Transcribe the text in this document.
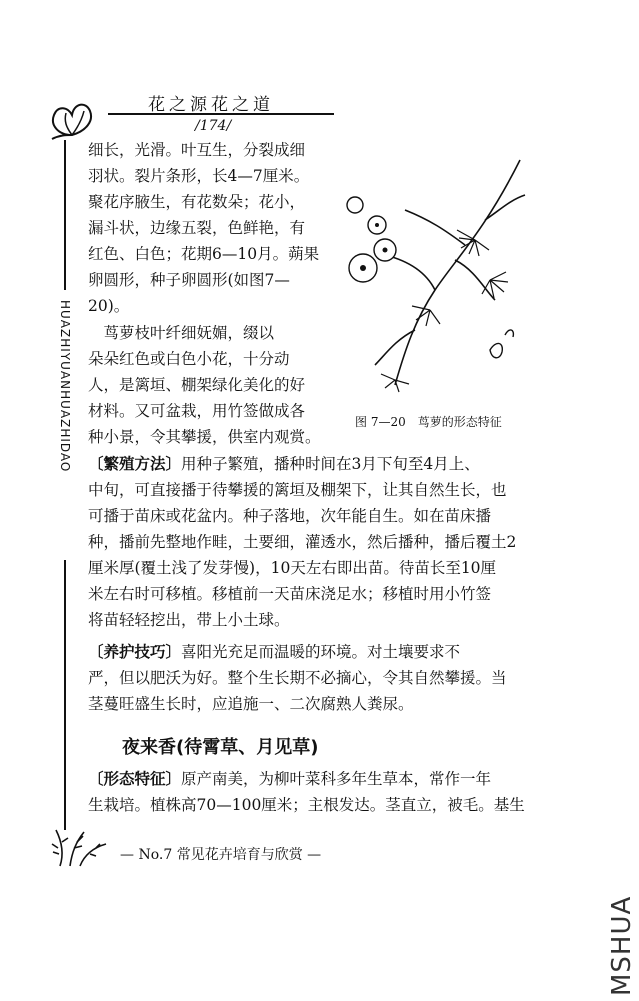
花之源花之道
/174/
HUAZHIYUANHUAZHIDAO

细长，光滑。叶互生，分裂成细

羽状。裂片条形，长4—7厘米。

聚花序腋生，有花数朵；花小，

漏斗状，边缘五裂，色鲜艳，有

红色、白色；花期6—10月。蒴果

卵圆形，种子卵圆形(如图7—

20)。

　茑萝枝叶纤细妩媚，缀以

朵朵红色或白色小花，十分动

人，是篱垣、棚架绿化美化的好

材料。又可盆栽，用竹签做成各

种小景，令其攀援，供室内观赏。

图 7—20　茑萝的形态特征

〔繁殖方法〕用种子繁殖，播种时间在3月下旬至4月上、

中旬，可直接播于待攀援的篱垣及棚架下，让其自然生长，也

可播于苗床或花盆内。种子落地，次年能自生。如在苗床播

种，播前先整地作畦，土要细，灌透水，然后播种，播后覆土2

厘米厚(覆土浅了发芽慢)，10天左右即出苗。待苗长至10厘

米左右时可移植。移植前一天苗床浇足水；移植时用小竹签

将苗轻轻挖出，带上小土球。

〔养护技巧〕喜阳光充足而温暖的环境。对土壤要求不

严，但以肥沃为好。整个生长期不必摘心，令其自然攀援。当

茎蔓旺盛生长时，应追施一、二次腐熟人粪尿。

夜来香(待霄草、月见草)

〔形态特征〕原产南美，为柳叶菜科多年生草本，常作一年

生栽培。植株高70—100厘米；主根发达。茎直立，被毛。基生

— No.7 常见花卉培育与欣赏 —
MSHUA
